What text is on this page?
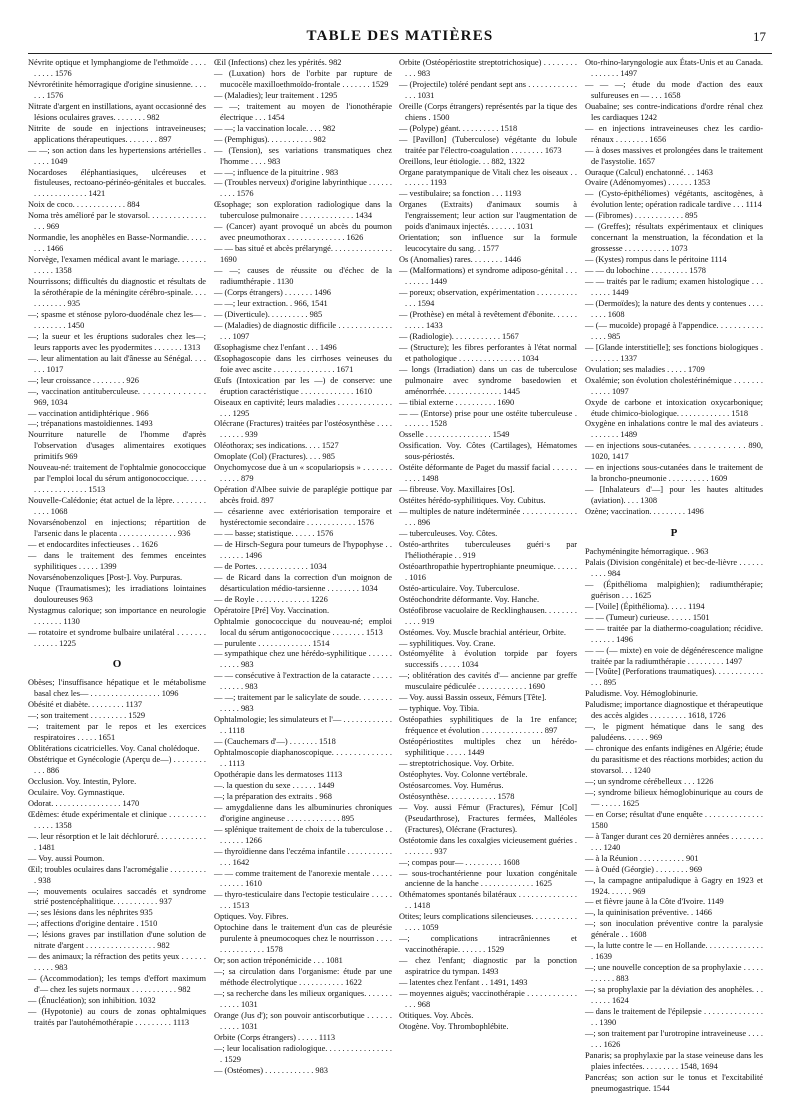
TABLE DES MATIÈRES	17

Névrite optique et lymphangiome de l'ethmoïde . . . . . . . . . 1576

Névrorétinite hémorragique d'origine sinusienne. . . . . . . 1576

Nitrate d'argent en instillations, ayant occasionné des lésions oculaires graves. . . . . . . . 982

Nitrite de soude en injections intraveineuses; applications thérapeutiques. . . . . . . . 897

— —; son action dans les hypertensions artérielles . . . . . 1049

Nocardoses éléphantiasiques, ulcéreuses et fistuleuses, rectoano-périnéo-génitales et buccales. . . . . . . . . . . . . . 1421

Noix de coco. . . . . . . . . . . . . 884

Noma très amélioré par le stovarsol. . . . . . . . . . . . . . . . . 969

Normandie, les anophèles en Basse-Normandie. . . . . . . . 1466

Norvège, l'examen médical avant le mariage. . . . . . . . . . . . 1358

Nourrissons; difficultés du diagnostic et résultats de la sérothérapie de la méningite cérébro-spinale. . . . . . . . . . . . 935

—; spasme et sténose pyloro-duodénale chez les— . . . . . . . . . 1450

—; la sueur et les éruptions sudorales chez les—; leurs rapports avec les pyodermites . . . . . . . 1313

—. leur alimentation au lait d'ânesse au Sénégal. . . . . . . 1017

—; leur croissance . . . . . . . . 926

—, vaccination antituberculeuse. . . . . . . . . . . . . . 969, 1034

— vaccination antidiphtérique . 966

—; trépanations mastoïdiennes. 1493

Nourriture naturelle de l'homme d'après l'observation d'usages alimentaires exotiques primitifs 969

Nouveau-né: traitement de l'ophtalmie gonococcique par l'emploi local du sérum antigonococcique. . . . . . . . . . . . . . . . . . 1513

Nouvelle-Calédonie; état actuel de la lèpre. . . . . . . . . . . . 1068

Novarsénobenzol en injections; répartition de l'arsenic dans le placenta . . . . . . . . . . . . . . 936

— et endocardites infectieuses . . 1626

— dans le traitement des femmes enceintes syphilitiques . . . . . 1399

Novarsénobenzoliques [Post-]. Voy. Purpuras.

Nuque (Traumatismes); les irradiations lointaines douloureuses 963

Nystagmus calorique; son importance en neurologie . . . . . . . 1130

— rotatoire et syndrome bulbaire unilatéral . . . . . . . . . . . . . 1225

O

Obèses; l'insuffisance hépatique et le métabolisme basal chez les— . . . . . . . . . . . . . . . . . 1096

Obésité et diabète. . . . . . . . . 1137

—; son traitement . . . . . . . . . 1529

—; traitement par le repos et les exercices respiratoires . . . . . 1651

Oblitérations cicatricielles. Voy. Canal cholédoque.

Obstétrique et Gynécologie (Aperçu de—) . . . . . . . . . . . 886

Occlusion. Voy. Intestin, Pylore.

Oculaire. Voy. Gymnastique.

Odorat. . . . . . . . . . . . . . . . . 1470

Œdèmes: étude expérimentale et clinique . . . . . . . . . . . . . . 1358

—. leur résorption et le lait déchloruré. . . . . . . . . . . . . 1481

— Voy. aussi Poumon.

Œil; troubles oculaires dans l'acromégalie . . . . . . . . . . 938

—; mouvements oculaires saccadés et syndrome strié postencéphalitique. . . . . . . . . . . 937

—; ses lésions dans les néphrites 935

—; affections d'origine dentaire . 1510

—; lésions graves par instillation d'une solution de nitrate d'argent . . . . . . . . . . . . . . . . . 982

— des animaux; la réfraction des petits yeux . . . . . . . . . . . 983

— (Accommodation); les temps d'effort maximum d'— chez les sujets normaux . . . . . . . . . . . 982

— (Énucléation); son inhibition. 1032

— (Hypotonie) au cours de zonas ophtalmiques traités par l'autohémothérapie . . . . . . . . . 1113

Œil (Infections) chez les ypérités. 982

— (Luxation) hors de l'orbite par rupture de mucocèle maxilloethmoïdo-frontale . . . . . . . 1529

— (Maladies); leur traitement . 1295

— —; traitement au moyen de l'ionothérapie électrique . . . 1454

— —; la vaccination locale. . . . 982

— (Pemphigus). . . . . . . . . . . 982

— (Tension), ses variations transmatiques chez l'homme . . . . 983

— —; influence de la pituitrine . 983

— (Troubles nerveux) d'origine labyrinthique . . . . . . . . . . 1576

Œsophage; son exploration radiologique dans la tuberculose pulmonaire . . . . . . . . . . . . . 1434

— (Cancer) ayant provoqué un abcès du poumon avec pneumothorax . . . . . . . . . . . . . . 1626

— — bas situé et abcès prélaryngé. . . . . . . . . . . . . . . 1690

— —; causes de réussite ou d'échec de la radiumthérapie . 1130

— (Corps étrangers) . . . . . . . 1496

— —; leur extraction. . 966, 1541

— (Diverticule). . . . . . . . . . 985

— (Maladies) de diagnostic difficile . . . . . . . . . . . . . . . . 1097

Œsophagisme chez l'enfant . . . 1496

Œsophagoscopie dans les cirrhoses veineuses du foie avec ascite . . . . . . . . . . . . . . . 1671

Œufs (Intoxication par les —) de conserve: une éruption caractéristique . . . . . . . . . . . . . 1610

Oiseaux en captivité; leurs maladies . . . . . . . . . . . . . . . . 1295

Olécrane (Fractures) traitées par l'ostéosynthèse . . . . . . . . . . 939

Oléothorax; ses indications. . . . 1527

Omoplate (Col) (Fractures). . . . 985

Onychomycose due à un « scopulariopsis » . . . . . . . . . . . . 879

Opération d'Albee suivie de paraplégie pottique par abcès froid. 897

— césarienne avec extériorisation temporaire et hystérectomie secondaire . . . . . . . . . . . . 1576

— — basse; statistique. . . . . . 1576

— de Hirsch-Segura pour tumeurs de l'hypophyse . . . . . . . . 1496

— de Portes. . . . . . . . . . . . . 1034

— de Ricard dans la correction d'un moignon de désarticulation médio-tarsienne . . . . . . . . 1034

— de Royle . . . . . . . . . . . . . 1226

Opératoire [Pré] Voy. Vaccination.

Ophtalmie gonococcique du nouveau-né; emploi local du sérum antigonococcique . . . . . . . . 1513

— purulente . . . . . . . . . . . . . 1514

— sympathique chez une hérédo-syphilitique . . . . . . . . . . . 983

— — consécutive à l'extraction de la cataracte . . . . . . . . . . . 983

— —; traitement par le salicylate de soude. . . . . . . . . . . . . 983

Ophtalmologie; les simulateurs et l'— . . . . . . . . . . . . . . 1118

— (Cauchemars d'—) . . . . . . . 1518

Ophtalmoscopie diaphanoscopique. . . . . . . . . . . . . . . . 1113

Opothérapie dans les dermatoses 1113

—. la question du sexe . . . . . . 1449

—; la préparation des extraits . 968

— amygdalienne dans les albuminuries chroniques d'origine angineuse . . . . . . . . . . . . . 895

— splénique traitement de choix de la tuberculose . . . . . . . . 1266

— thyroïdienne dans l'eczéma infantile . . . . . . . . . . . . . . 1642

— — comme traitement de l'anorexie mentale . . . . . . . . . . . 1610

— thyro-testiculaire dans l'ectopie testiculaire . . . . . . . . 1513

Optiques. Voy. Fibres.

Optochine dans le traitement d'un cas de pleurésie purulente à pneumocoques chez le nourrisson . . . . . . . . . . . . . . . 1578

Or; son action tréponémicide . . . 1081

—; sa circulation dans l'organisme: étude par une méthode électrolytique . . . . . . . . . . . 1622

—; sa recherche dans les milieux organiques. . . . . . . . . . . . 1031

Orange (Jus d'); son pouvoir antiscorbutique . . . . . . . . . . . 1031

Orbite (Corps étrangers) . . . . . 1113

—; leur localisation radiologique. . . . . . . . . . . . . . . . . 1529

— (Ostéomes) . . . . . . . . . . . . 983

Orbite (Ostéopériostite streptotrichosique) . . . . . . . . . . . 983

— (Projectile) toléré pendant sept ans . . . . . . . . . . . . . . . 1031

Oreille (Corps étrangers) représentés par la tique des chiens . 1500

— (Polype) géant. . . . . . . . . . 1518

— [Pavillon] (Tuberculose) végétante du lobule traitée par l'électro-coagulation . . . . . . . . 1673

Oreillons, leur étiologie. . . 882, 1322

Organe paratympanique de Vitali chez les oiseaux . . . . . . . . 1193

— vestibulaire; sa fonction . . . 1193

Organes (Extraits) d'animaux soumis à l'engraissement; leur action sur l'augmentation de poids d'animaux injectés. . . . . . . 1031

Orientation; son influence sur la formule leucocytaire du sang. . 1577

Os (Anomalies) rares. . . . . . . . 1446

— (Malformations) et syndrome adiposo-génital . . . . . . . . . 1449

— poreux; observation, expérimentation . . . . . . . . . . . . . 1594

— (Prothèse) en métal à revêtement d'ébonite. . . . . . . . . . . 1433

— (Radiologie). . . . . . . . . . . . 1567

— (Structure); les fibres perforantes à l'état normal et pathologique . . . . . . . . . . . . . . . 1034

— longs (Irradiation) dans un cas de tuberculose pulmonaire avec syndrome basedowien et aménorrhée. . . . . . . . . . . . . . 1445

— tibial externe . . . . . . . . . . 1690

— — (Entorse) prise pour une ostéite tuberculeuse . . . . . . . 1528

Osselle . . . . . . . . . . . . . . . . 1549

Ossification. Voy. Côtes (Cartilages), Hématomes sous-périostés.

Ostéite déformante de Paget du massif facial . . . . . . . . . . 1498

— fibreuse. Voy. Maxillaires [Os].

Ostéites hérédo-syphilitiques. Voy. Cubitus.

— multiples de nature indéterminée . . . . . . . . . . . . . . . . 896

— tuberculeuses. Voy. Côtes.

Ostéo-arthrites tuberculeuses guéri·s par l'héliothérapie . . 919

Ostéoarthropathie hypertrophiante pneumique. . . . . . . 1016

Ostéo-articulaire. Voy. Tuberculose.

Ostéochondrite déformante. Voy. Hanche.

Ostéofibrose vacuolaire de Recklinghausen. . . . . . . . . . . . 919

Ostéomes. Voy. Muscle brachial antérieur, Orbite.

— syphilitiques. Voy. Crane.

Ostéomyélite à évolution torpide par foyers successifs . . . . . 1034

—; oblitération des cavités d'— ancienne par greffe musculaire pédiculée . . . . . . . . . . . . 1690

— Voy. aussi Bassin osseux, Fémurs [Tête].

— typhique. Voy. Tibia.

Ostéopathies syphilitiques de la 1re enfance; fréquence et évolution . . . . . . . . . . . . . . . 897

Ostéopériostites multiples chez un hérédo-syphilitique . . . . . 1449

— streptotrichosique. Voy. Orbite.

Ostéophytes. Voy. Colonne vertébrale.

Ostéosarcomes. Voy. Humérus.

Ostéosynthèse. . . . . . . . . . . . 1578

— Voy. aussi Fémur (Fractures), Fémur [Col] (Pseudarthrose), Fractures fermées, Malléoles (Fractures), Olécrane (Fractures).

Ostéotomie dans les coxalgies vicieusement guéries . . . . . . . . 937

—; compas pour— . . . . . . . . . 1608

— sous-trochantérienne pour luxation congénitale ancienne de la hanche . . . . . . . . . . . . . 1625

Othématomes spontanés bilatéraux . . . . . . . . . . . . . . . . 1418

Otites; leurs complications silencieuses. . . . . . . . . . . . . . . 1059

—; complications intracrâniennes et vaccinothérapie. . . . . . . 1529

— chez l'enfant; diagnostic par la ponction aspiratrice du tympan. 1493

— latentes chez l'enfant . . 1491, 1493

— moyennes aiguës; vaccinothérapie . . . . . . . . . . . . . . . 968

Otitiques. Voy. Abcès.

Otogène. Voy. Thrombophlébite.

Oto-rhino-laryngologie aux États-Unis et au Canada. . . . . . . . 1497

— — —; étude du mode d'action des eaux sulfureuses en — . . . 1658

Ouabaïne; ses contre-indications d'ordre rénal chez les cardiaques 1242

— en injections intraveineuses chez les cardio-rénaux . . . . . . . . 1656

— à doses massives et prolongées dans le traitement de l'asystolie. 1657

Ouraque (Calcul) enchatonné. . . 1463

Ovaire (Adénomyomes) . . . . . . 1353

— (Cysto-épithéliomes) végétants, ascitogènes, à évolution lente; opération radicale tardive . . . 1114

— (Fibromes) . . . . . . . . . . . . 895

— (Greffes); résultats expérimentaux et cliniques concernant la menstruation, la fécondation et la grossesse . . . . . . . . . . . 1073

— (Kystes) rompus dans le péritoine 1114

— — du lobochine . . . . . . . . . 1578

— — traités par le radium; examen histologique . . . . . . . . 1449

— (Dermoïdes); la nature des dents y contenues . . . . . . . . 1608

— (— mucoïde) propagé à l'appendice. . . . . . . . . . . . . . . 985

— [Glande interstitielle]; ses fonctions biologiques . . . . . . . . 1337

Ovulation; ses maladies . . . . . 1709

Oxalémie; son évolution cholestérinémique . . . . . . . . . . . . 1097

Oxyde de carbone et intoxication oxycarbonique; étude chimico-biologique. . . . . . . . . . . . . 1518

Oxygène en inhalations contre le mal des aviateurs . . . . . . . . 1489

— en injections sous-cutanées. . . . . . . . . . . . 890, 1020, 1417

— en injections sous-cutanées dans le traitement de la broncho-pneumonie . . . . . . . . . . 1609

— [Inhalateurs d'—] pour les hautes altitudes (aviation). . . . 1308

Ozène; vaccination. . . . . . . . . 1496

P

Pachyméningite hémorragique. . 963

Palais (Division congénitale) et bec-de-lièvre . . . . . . . . . . 984

— (Épithélioma malpighien); radiumthérapie; guérison . . . 1625

— [Voile] (Épithélioma). . . . . 1194

— — (Tumeur) curieuse. . . . . . 1501

— — traitée par la diathermo-coagulation; récidive. . . . . . . 1496

— — (— mixte) en voie de dégénérescence maligne traitée par la radiumthérapie . . . . . . . . . 1497

— [Voûte] (Perforations traumatiques). . . . . . . . . . . . . . . 895

Paludisme. Voy. Hémoglobinurie.

Paludisme; importance diagnostique et thérapeutique des accès algides . . . . . . . . . 1618, 1726

—, le pigment hématique dans le sang des paludéens. . . . . . 969

— chronique des enfants indigènes en Algérie; étude du parasitisme et des réactions morbides; action du stovarsol. . . 1240

—; un syndrome cérébelleux . . . 1226

—; syndrome bilieux hémoglobinurique au cours de— . . . . . 1625

— en Corse; résultat d'une enquête . . . . . . . . . . . . . . 1580

— à Tanger durant ces 20 dernières années . . . . . . . . . . . 1240

— à la Réunion . . . . . . . . . . . 901

— à Ouéd (Géorgie) . . . . . . . . 969

—, la campagne antipaludique à Gagry en 1923 et 1924. . . . . . 969

— et fièvre jaune à la Côte d'Ivoire. 1149

—, la quininisation préventive. . 1466

—; son inoculation préventive contre la paralysie générale . . 1608

—, la lutte contre le — en Hollande. . . . . . . . . . . . . . . 1639

—; une nouvelle conception de sa prophylaxie . . . . . . . . . . . 883

—; sa prophylaxie par la déviation des anophèles. . . . . . . . 1624

— dans le traitement de l'épilepsie . . . . . . . . . . . . . . . . 1390

—; son traitement par l'urotropine intraveineuse . . . . . . . 1626

Panaris; sa prophylaxie par la stase veineuse dans les plaies infectées. . . . . . . . . 1548, 1694

Pancréas; son action sur le tonus et l'excitabilité pneumogastrique. 1544
